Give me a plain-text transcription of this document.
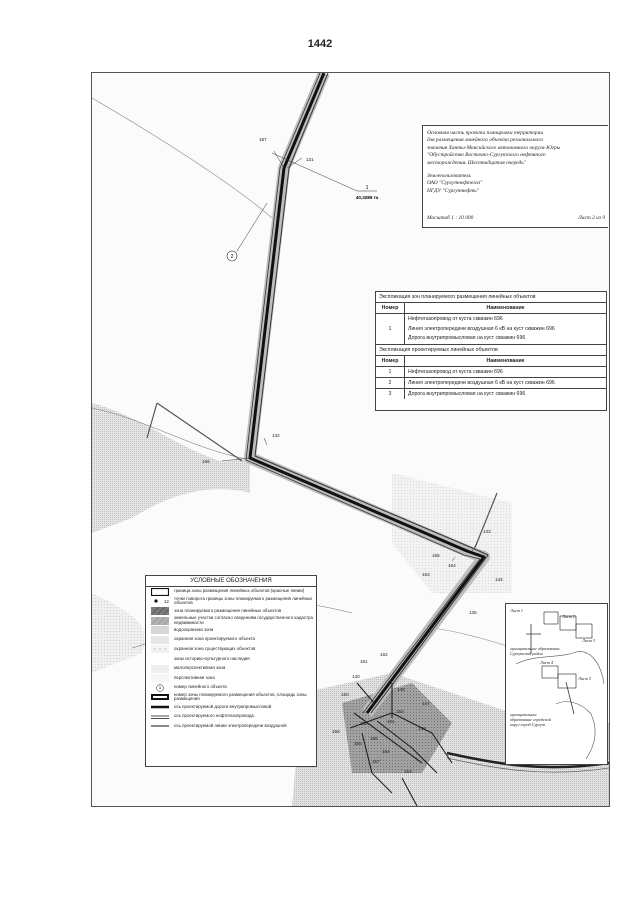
1442
187
131
132
166
133
165
164
163
134
135
161
162
160
140
158
159
155
156
154
153
148
147
146
150
151
157
1
40,3289 га
2
Основная часть проекта планировки территории
для размещения линейного объекта регионального
значения Ханты-Мансийского автономного округа-Югры
"Обустройство Восточно-Сургутского нефтяного
месторождения. Шестнадцатая очередь"
Землепользователь
ОАО "Сургутнефтегаз"
НГДУ "Сургутнефть"
Масштаб 1 : 10 000	Лист 2 из 9
Экспликация зон планируемого размещения линейных объектов
Номер	Наименование
1
Нефтегазопровод от куста скважин 696
Линия электропередачи воздушная 6 кВ на куст скважин 696
Дорога внутрипромысловая на куст скважин 696
Экспликация проектируемых линейных объектов
Номер	Наименование
1	Нефтегазопровод от куста скважин 696
2	Линия электропередачи воздушная 6 кВ на куст скважин 696
3	Дорога внутрипромысловая на куст скважин 696
УСЛОВНЫЕ ОБОЗНАЧЕНИЯ
граница зоны размещения линейных объектов (красные линии)
12
точки поворота границы зоны планируемого размещения линейных объектов
зона планируемого размещения линейных объектов
земельные участки согласно сведениям государственного кадастра недвижимости
водоохранная зона
охранная зона проектируемого объекта
охранная зона существующих объектов
зоны историко-культурного наследия
малоперспективная зона
перспективная зона
1	номер линейного объекта
номер зоны планируемого размещения объектов, площадь зоны размещения
ось проектируемой дороги внутрипромысловой
ось проектируемого нефтегазопровода
ось проектируемой линии электропередачи воздушной
Лист 1
Лист 2
Лист 3
Лист 4
Лист 5
муниципальное образование Сургутский район
муниципальное образование городской округ город Сургут
